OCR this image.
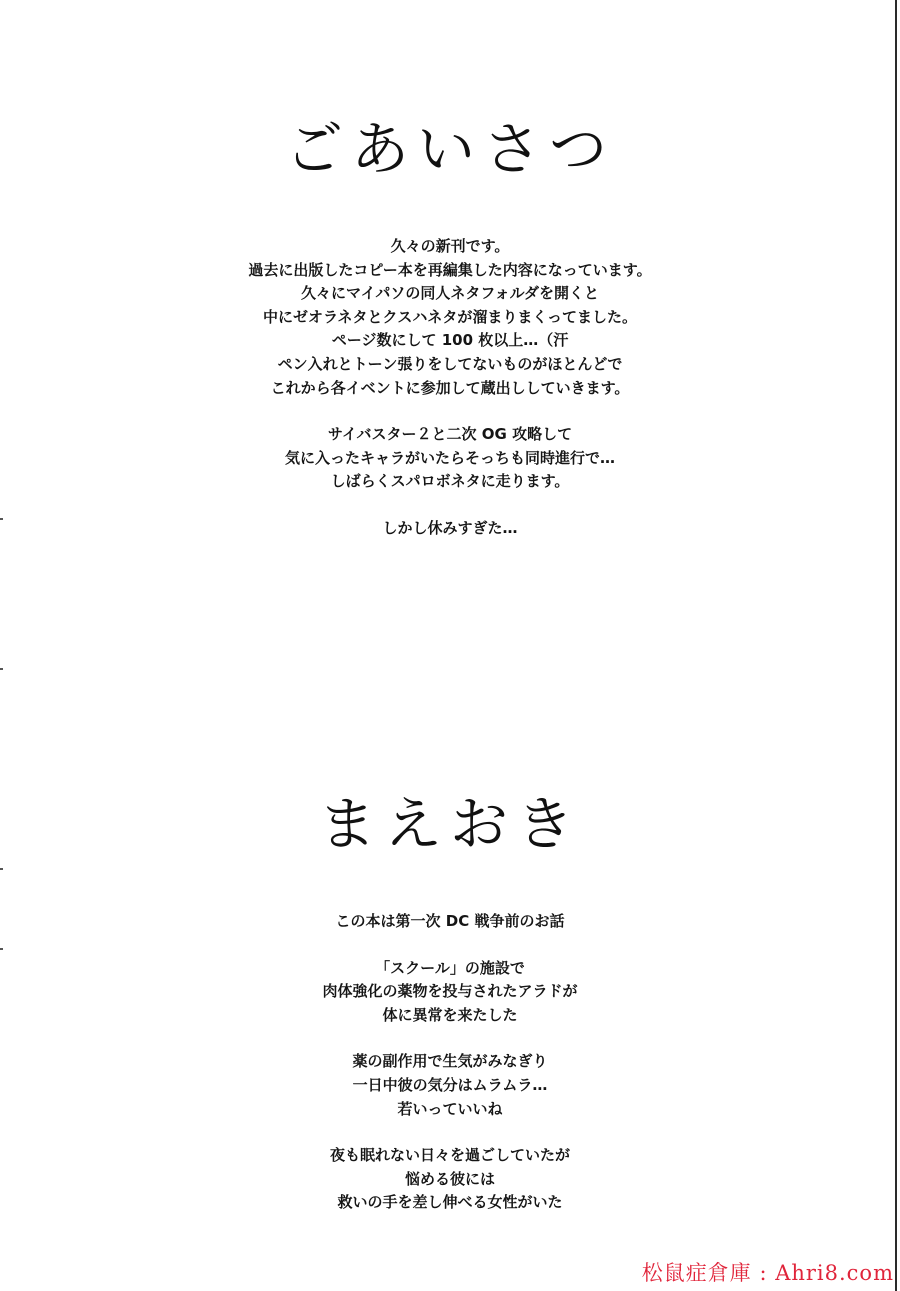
ごあいさつ

久々の新刊です。

過去に出版したコピー本を再編集した内容になっています。

久々にマイパソの同人ネタフォルダを開くと

中にゼオラネタとクスハネタが溜まりまくってました。

ページ数にして 100 枚以上…（汗

ペン入れとトーン張りをしてないものがほとんどで

これから各イベントに参加して蔵出ししていきます。

サイバスター２と二次 OG 攻略して

気に入ったキャラがいたらそっちも同時進行で…

しばらくスパロボネタに走ります。

しかし休みすぎた…

まえおき

この本は第一次 DC 戦争前のお話

「スクール」の施設で

肉体強化の薬物を投与されたアラドが

体に異常を来たした

薬の副作用で生気がみなぎり

一日中彼の気分はムラムラ…

若いっていいね

夜も眠れない日々を過ごしていたが

悩める彼には

救いの手を差し伸べる女性がいた

松鼠症倉庫 : Ahri8.com
